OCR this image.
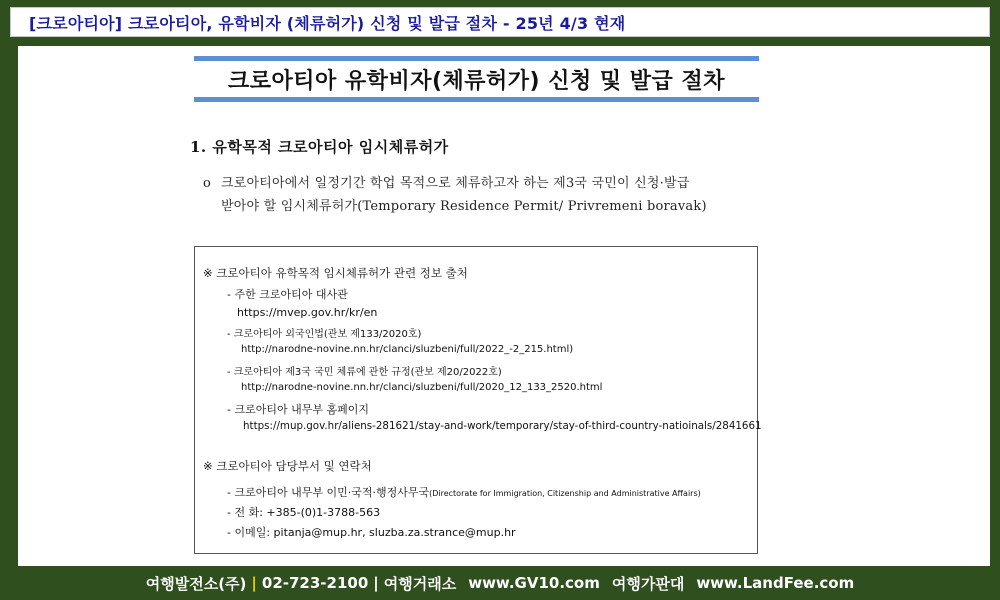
[크로아티아] 크로아티아, 유학비자 (체류허가) 신청 및 발급 절차 - 25년 4/3 현재
크로아티아 유학비자(체류허가) 신청 및 발급 절차
1. 유학목적 크로아티아 임시체류허가
o 크로아티아에서 일정기간 학업 목적으로 체류하고자 하는 제3국 국민이 신청·발급
받아야 할 임시체류허가(Temporary Residence Permit/ Privremeni boravak)
※ 크로아티아 유학목적 임시체류허가 관련 정보 출처
- 주한 크로아티아 대사관
https://mvep.gov.hr/kr/en
- 크로아티아 외국인법(관보 제133/2020호)
http://narodne-novine.nn.hr/clanci/sluzbeni/full/2022_-2_215.html)
- 크로아티아 제3국 국민 체류에 관한 규정(관보 제20/2022호)
http://narodne-novine.nn.hr/clanci/sluzbeni/full/2020_12_133_2520.html
- 크로아티아 내무부 홈페이지
https://mup.gov.hr/aliens-281621/stay-and-work/temporary/stay-of-third-country-natioinals/2841661
※ 크로아티아 담당부서 및 연락처
- 크로아티아 내무부 이민·국적·행정사무국(Directorate for Immigration, Citizenship and Administrative Affairs)
- 전 화: +385-(0)1-3788-563
- 이메일: pitanja@mup.hr, sluzba.za.strance@mup.hr
여행발전소(주) | 02-723-2100 | 여행거래소 www.GV10.com 여행가판대 www.LandFee.com
